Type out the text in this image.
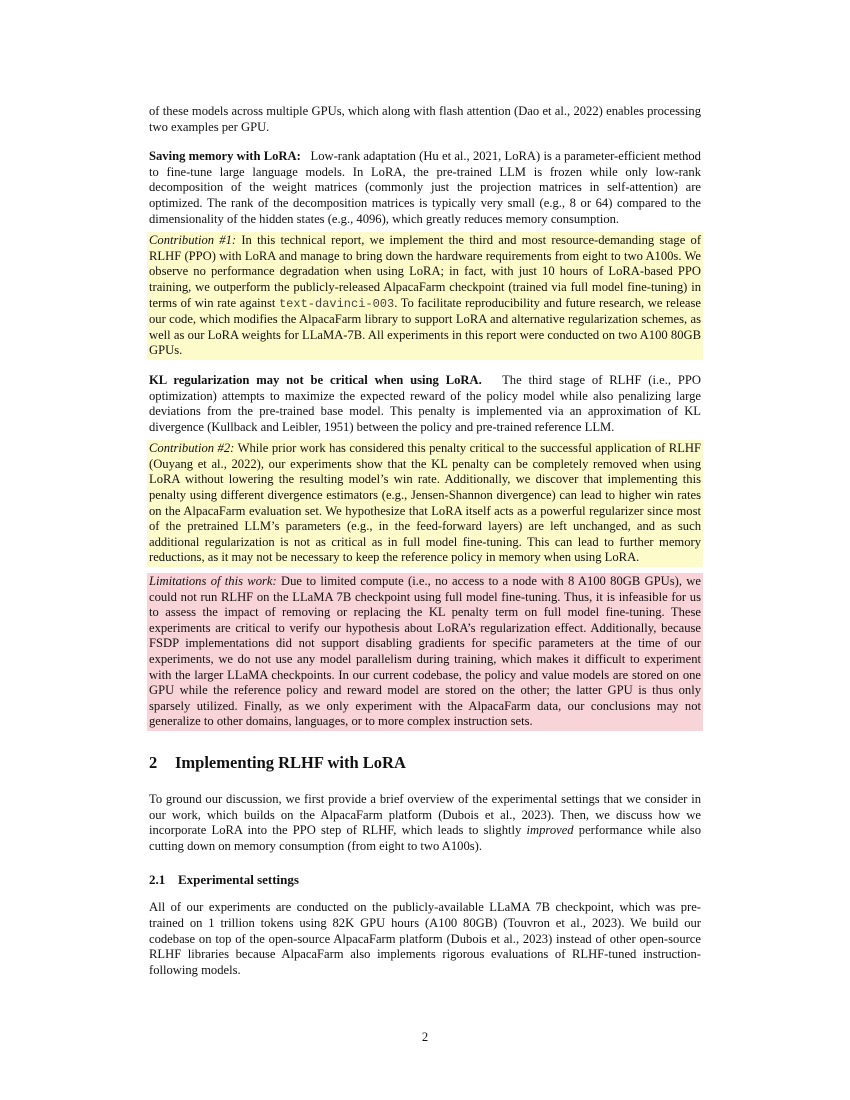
of these models across multiple GPUs, which along with flash attention (Dao et al., 2022) enables processing two examples per GPU.

Saving memory with LoRA: Low-rank adaptation (Hu et al., 2021, LoRA) is a parameter-efficient method to fine-tune large language models. In LoRA, the pre-trained LLM is frozen while only low-rank decomposition of the weight matrices (commonly just the projection matrices in self-attention) are optimized. The rank of the decomposition matrices is typically very small (e.g., 8 or 64) compared to the dimensionality of the hidden states (e.g., 4096), which greatly reduces memory consumption.

Contribution #1: In this technical report, we implement the third and most resource-demanding stage of RLHF (PPO) with LoRA and manage to bring down the hardware requirements from eight to two A100s. We observe no performance degradation when using LoRA; in fact, with just 10 hours of LoRA-based PPO training, we outperform the publicly-released AlpacaFarm checkpoint (trained via full model fine-tuning) in terms of win rate against text-davinci-003. To facilitate reproducibility and future research, we release our code, which modifies the AlpacaFarm library to support LoRA and alternative regularization schemes, as well as our LoRA weights for LLaMA-7B. All experiments in this report were conducted on two A100 80GB GPUs.

KL regularization may not be critical when using LoRA. The third stage of RLHF (i.e., PPO optimization) attempts to maximize the expected reward of the policy model while also penalizing large deviations from the pre-trained base model. This penalty is implemented via an approximation of KL divergence (Kullback and Leibler, 1951) between the policy and pre-trained reference LLM.

Contribution #2: While prior work has considered this penalty critical to the successful application of RLHF (Ouyang et al., 2022), our experiments show that the KL penalty can be completely removed when using LoRA without lowering the resulting model’s win rate. Additionally, we discover that implementing this penalty using different divergence estimators (e.g., Jensen-Shannon divergence) can lead to higher win rates on the AlpacaFarm evaluation set. We hypothesize that LoRA itself acts as a powerful regularizer since most of the pretrained LLM’s parameters (e.g., in the feed-forward layers) are left unchanged, and as such additional regularization is not as critical as in full model fine-tuning. This can lead to further memory reductions, as it may not be necessary to keep the reference policy in memory when using LoRA.

Limitations of this work: Due to limited compute (i.e., no access to a node with 8 A100 80GB GPUs), we could not run RLHF on the LLaMA 7B checkpoint using full model fine-tuning. Thus, it is infeasible for us to assess the impact of removing or replacing the KL penalty term on full model fine-tuning. These experiments are critical to verify our hypothesis about LoRA’s regularization effect. Additionally, because FSDP implementations did not support disabling gradients for specific parameters at the time of our experiments, we do not use any model parallelism during training, which makes it difficult to experiment with the larger LLaMA checkpoints. In our current codebase, the policy and value models are stored on one GPU while the reference policy and reward model are stored on the other; the latter GPU is thus only sparsely utilized. Finally, as we only experiment with the AlpacaFarm data, our conclusions may not generalize to other domains, languages, or to more complex instruction sets.

2 Implementing RLHF with LoRA

To ground our discussion, we first provide a brief overview of the experimental settings that we consider in our work, which builds on the AlpacaFarm platform (Dubois et al., 2023). Then, we discuss how we incorporate LoRA into the PPO step of RLHF, which leads to slightly improved performance while also cutting down on memory consumption (from eight to two A100s).

2.1 Experimental settings

All of our experiments are conducted on the publicly-available LLaMA 7B checkpoint, which was pre-trained on 1 trillion tokens using 82K GPU hours (A100 80GB) (Touvron et al., 2023). We build our codebase on top of the open-source AlpacaFarm platform (Dubois et al., 2023) instead of other open-source RLHF libraries because AlpacaFarm also implements rigorous evaluations of RLHF-tuned instruction-following models.

2
